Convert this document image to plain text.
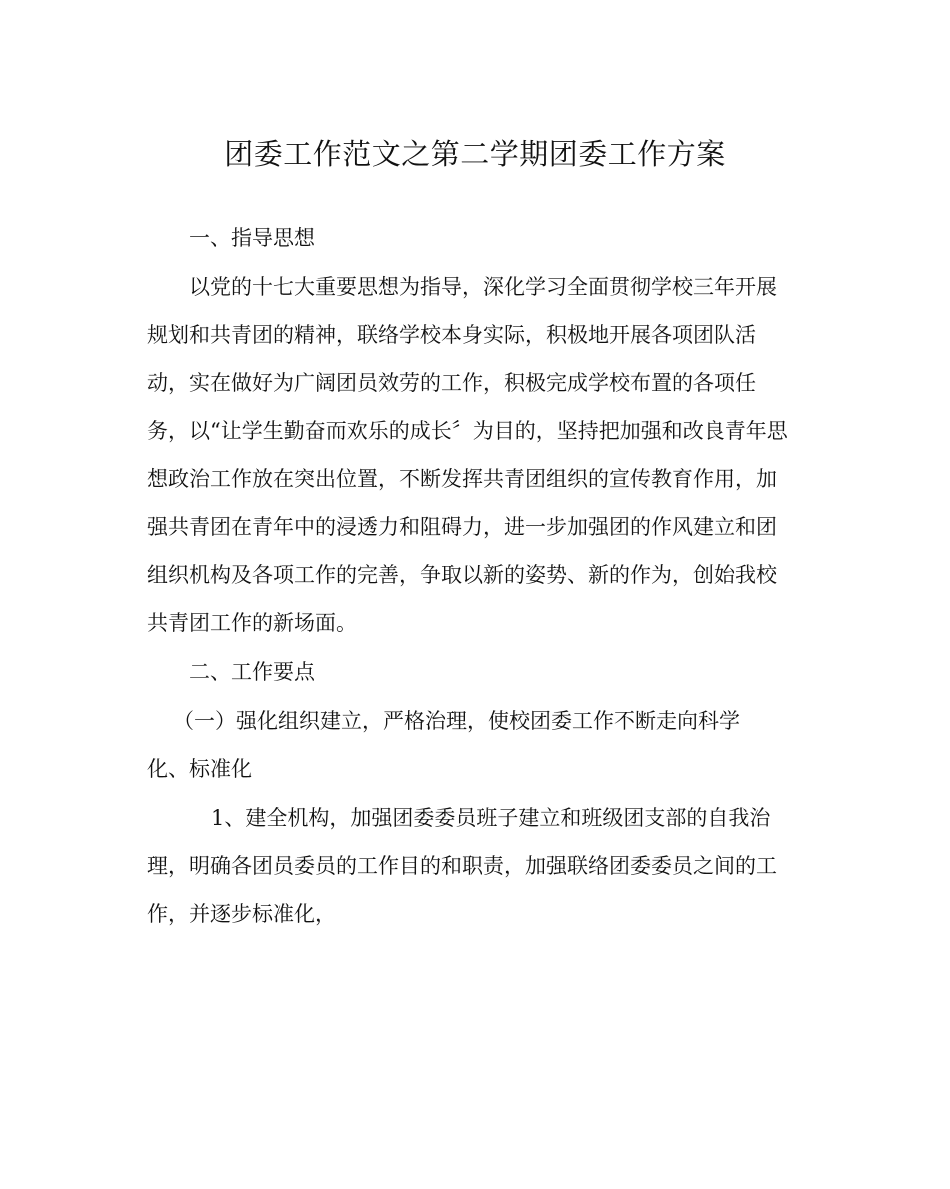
团委工作范文之第二学期团委工作方案
一、指导思想
以党的十七大重要思想为指导，深化学习全面贯彻学校三年开展
规划和共青团的精神，联络学校本身实际，积极地开展各项团队活
动，实在做好为广阔团员效劳的工作，积极完成学校布置的各项任
务，以“让学生勤奋而欢乐的成长〞为目的，坚持把加强和改良青年思
想政治工作放在突出位置，不断发挥共青团组织的宣传教育作用，加
强共青团在青年中的浸透力和阻碍力，进一步加强团的作风建立和团
组织机构及各项工作的完善，争取以新的姿势、新的作为，创始我校
共青团工作的新场面。
二、工作要点
（一）强化组织建立，严格治理，使校团委工作不断走向科学
化、标准化
1、建全机构，加强团委委员班子建立和班级团支部的自我治
理，明确各团员委员的工作目的和职责，加强联络团委委员之间的工
作，并逐步标准化，
